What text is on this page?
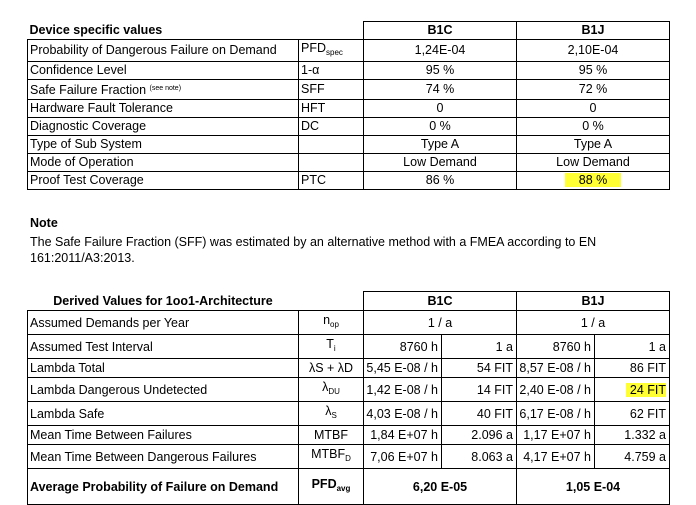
Device specific values		B1C	B1J
Probability of Dangerous Failure on Demand	$PFD_{spec}$	1,24E-04	2,10E-04
Confidence Level	1-α	95 %	95 %
Safe Failure Fraction $^{(see note)}$	SFF	74 %	72 %
Hardware Fault Tolerance	HFT	0	0
Diagnostic Coverage	DC	0 %	0 %
Type of Sub System		Type A	Type A
Mode of Operation		Low Demand	Low Demand
Proof Test Coverage	PTC	86 %	88 %
Note

The Safe Failure Fraction (SFF) was estimated by an alternative method with a FMEA according to EN 161:2011/A3:2013.

Derived Values for 1oo1-Architecture		B1C		B1J	
Assumed Demands per Year	$n_{op}$	1 / a		1 / a	
Assumed Test Interval	$T_i$	8760 h	1 a	8760 h	1 a
Lambda Total	λS + λD	5,45 E-08 / h	54 FIT	8,57 E-08 / h	86 FIT
Lambda Dangerous Undetected	$\lambda_{DU}$	1,42 E-08 / h	14 FIT	2,40 E-08 / h	24 FIT
Lambda Safe	$\lambda_S$	4,03 E-08 / h	40 FIT	6,17 E-08 / h	62 FIT
Mean Time Between Failures	MTBF	1,84 E+07 h	2.096 a	1,17 E+07 h	1.332 a
Mean Time Between Dangerous Failures	$MTBF_D$	7,06 E+07 h	8.063 a	4,17 E+07 h	4.759 a
Average Probability of Failure on Demand	$PFD_{avg}$	6,20 E-05		1,05 E-04	
